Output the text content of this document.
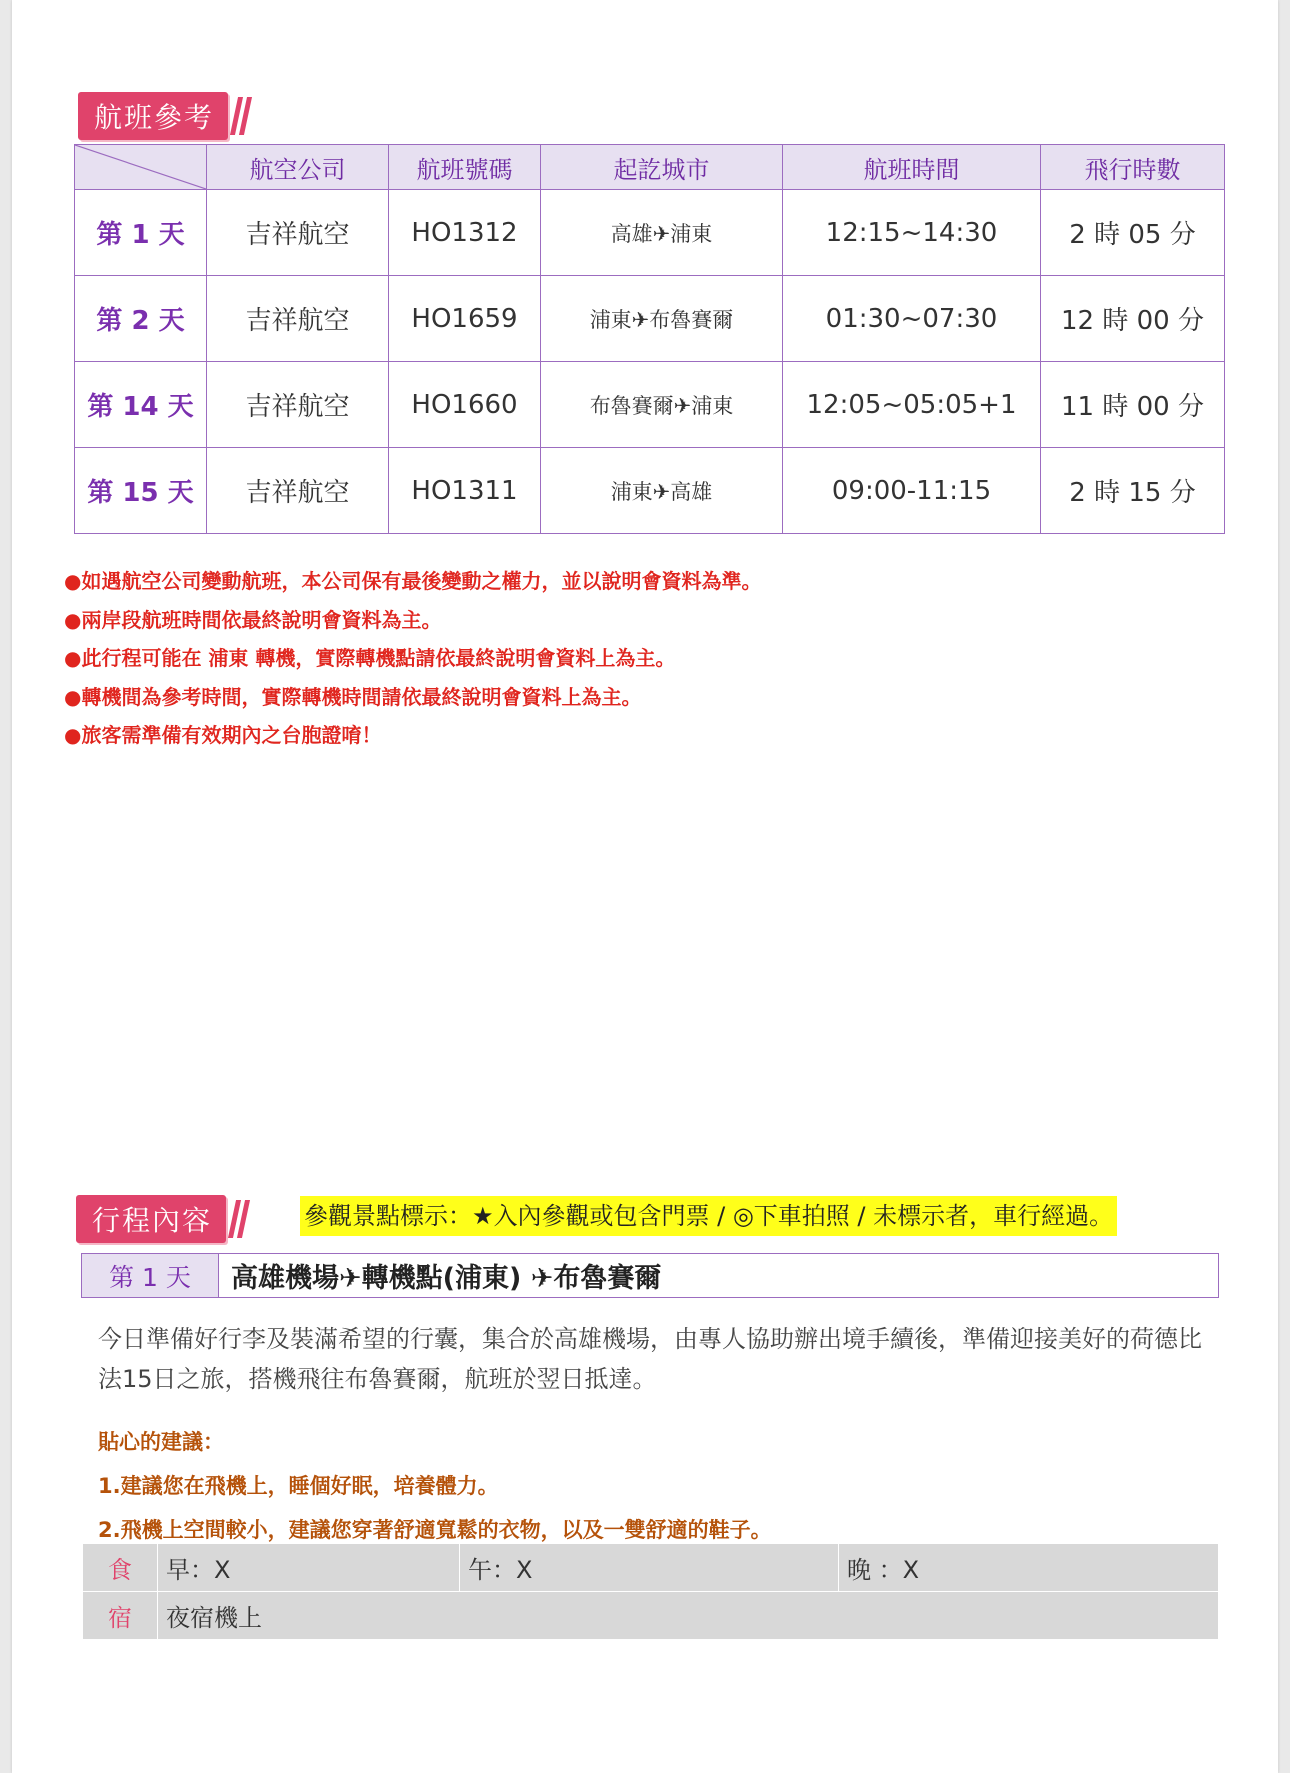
航班參考
	航空公司	航班號碼	起訖城市	航班時間	飛行時數
第 1 天	吉祥航空	HO1312	高雄✈浦東	12:15~14:30	2 時 05 分
第 2 天	吉祥航空	HO1659	浦東✈布魯賽爾	01:30~07:30	12 時 00 分
第 14 天	吉祥航空	HO1660	布魯賽爾✈浦東	12:05~05:05+1	11 時 00 分
第 15 天	吉祥航空	HO1311	浦東✈高雄	09:00-11:15	2 時 15 分
●如遇航空公司變動航班，本公司保有最後變動之權力，並以說明會資料為準。
●兩岸段航班時間依最終說明會資料為主。
●此行程可能在 浦東 轉機，實際轉機點請依最終說明會資料上為主。
●轉機間為參考時間，實際轉機時間請依最終說明會資料上為主。
●旅客需準備有效期內之台胞證唷！
行程內容	參觀景點標示：★入內參觀或包含門票 / ◎下車拍照 / 未標示者，車行經過。
第 1 天	高雄機場✈轉機點(浦東) ✈布魯賽爾
今日準備好行李及裝滿希望的行囊，集合於高雄機場，由專人協助辦出境手續後，準備迎接美好的荷德比法15日之旅，搭機飛往布魯賽爾，航班於翌日抵達。
貼心的建議：
1.建議您在飛機上，睡個好眠，培養體力。
2.飛機上空間較小，建議您穿著舒適寬鬆的衣物，以及一雙舒適的鞋子。
食	早：X	午：X	晚 ：X
宿	夜宿機上		
